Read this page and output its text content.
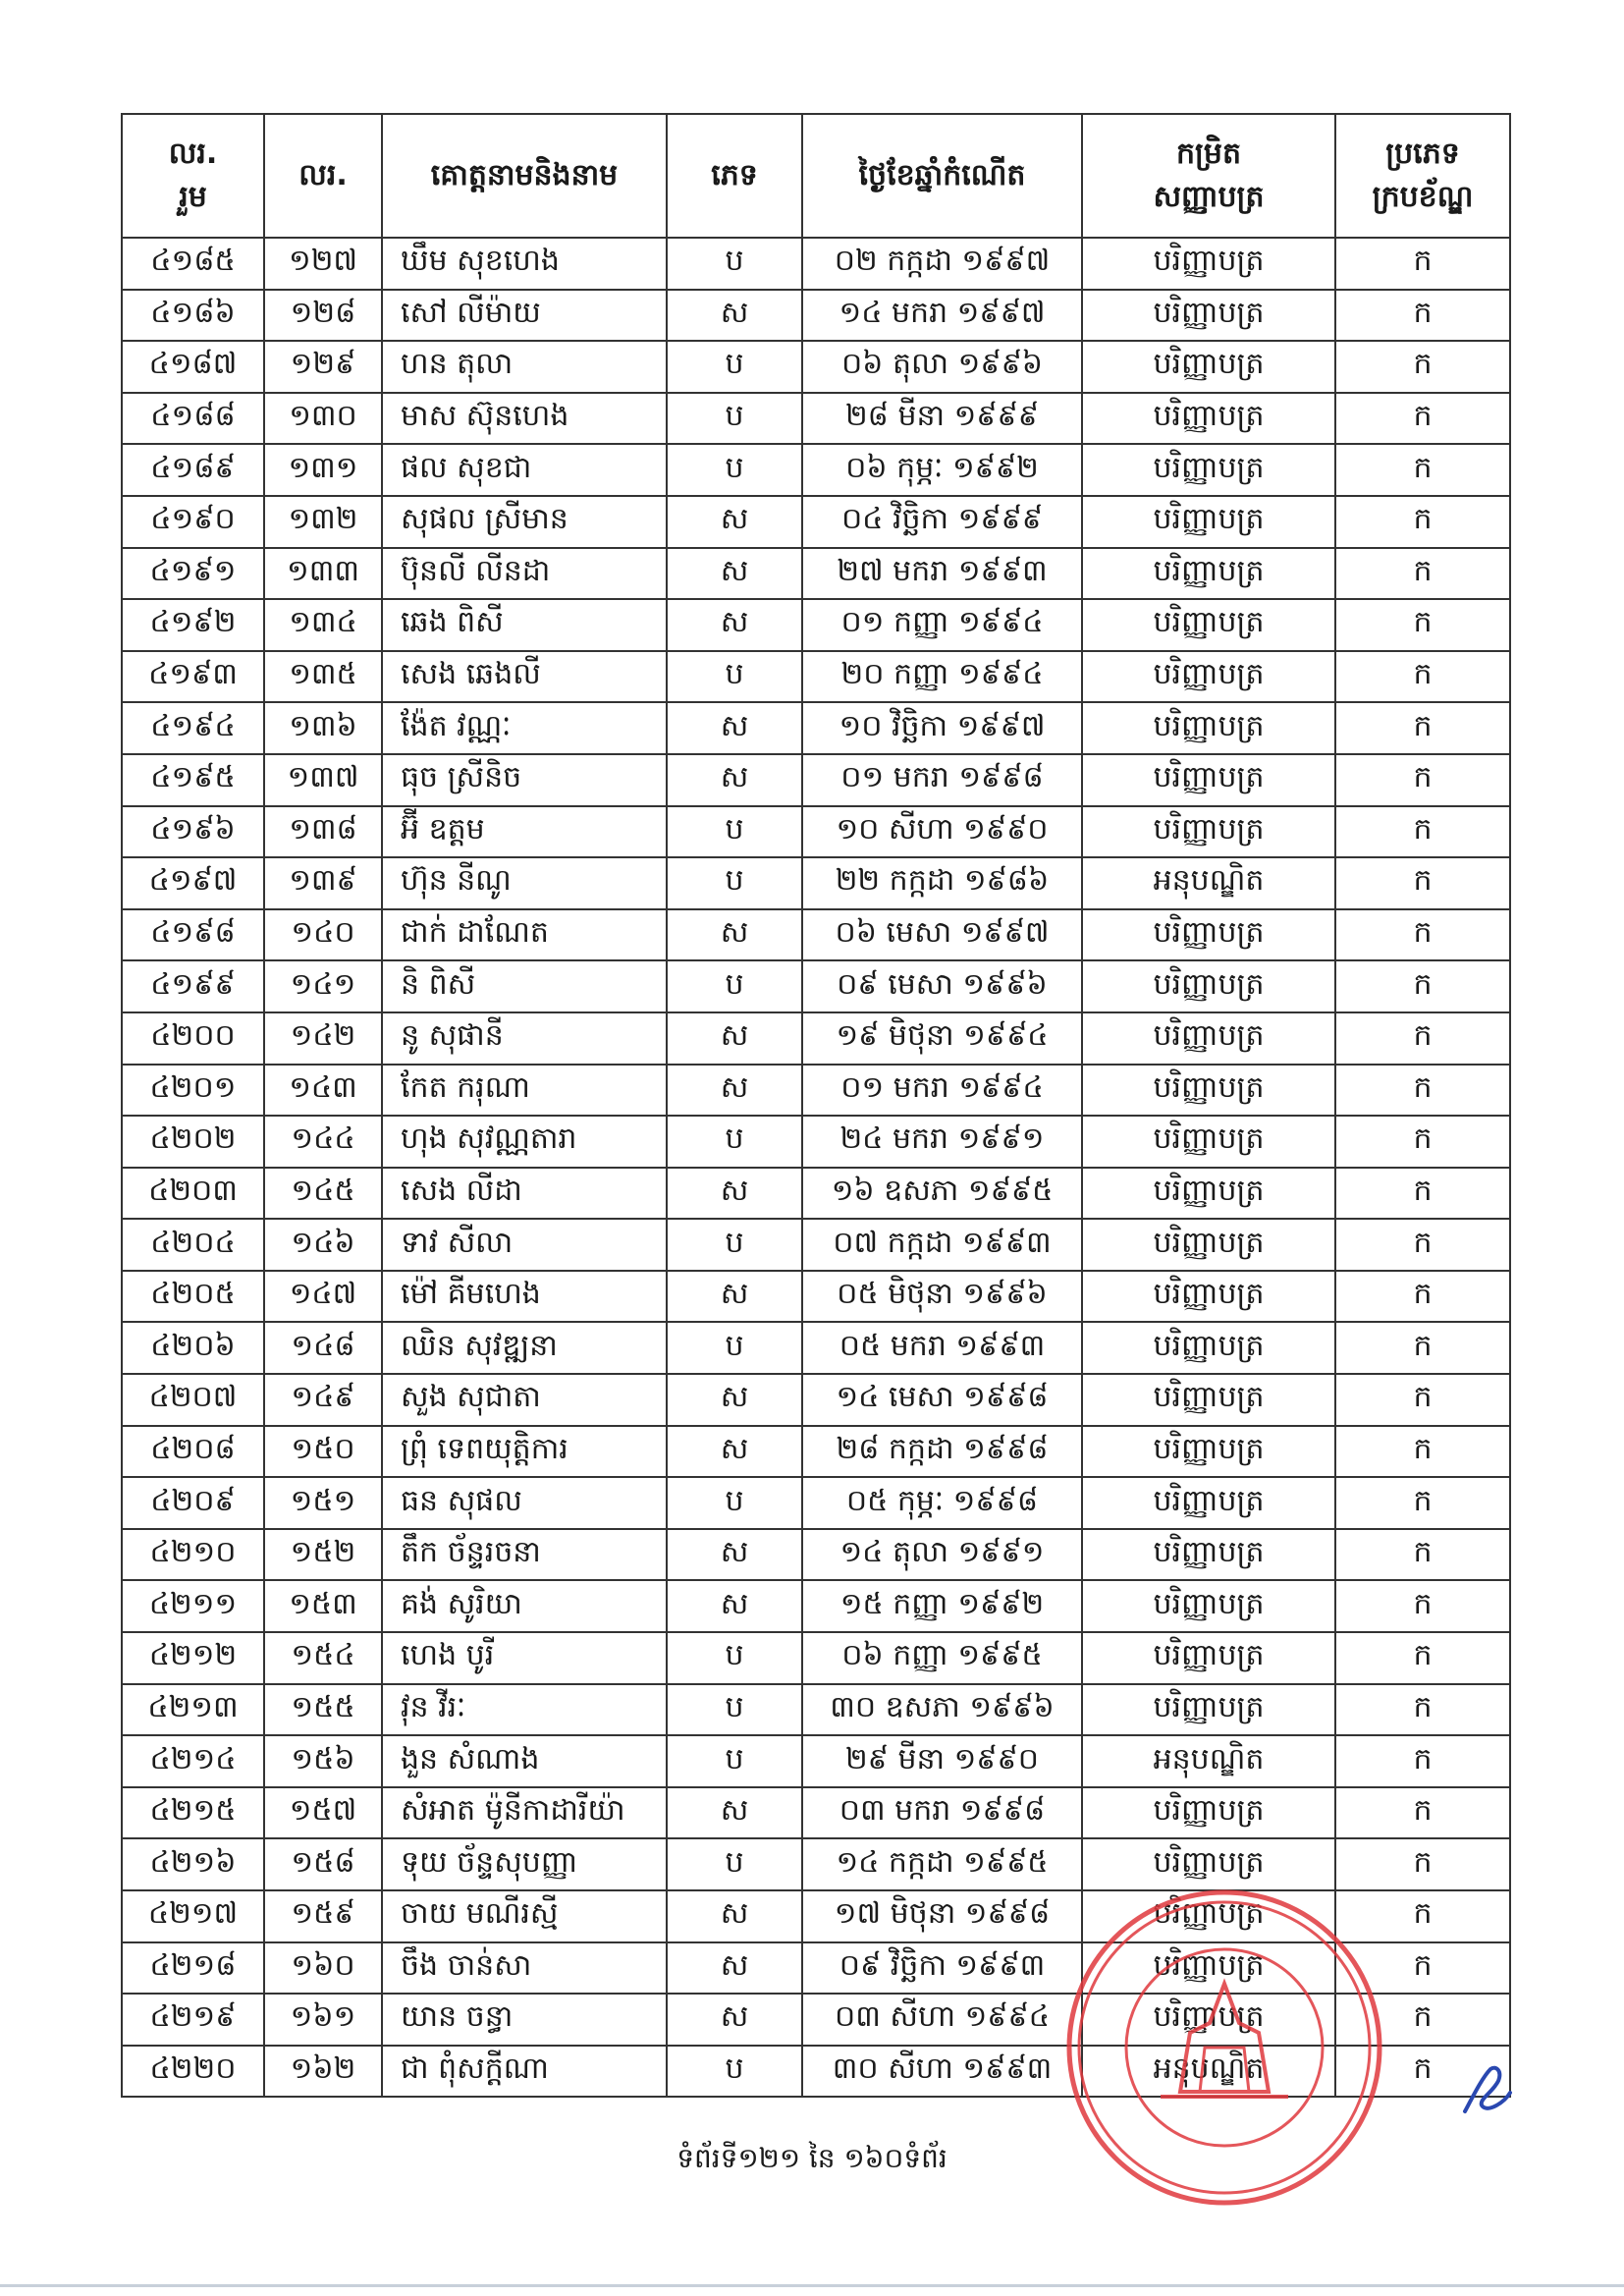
លរ.
រួម	លរ.	គោត្តនាមនិងនាម	ភេទ	ថ្ងៃខែឆ្នាំកំណើត	កម្រិត
សញ្ញាបត្រ	ប្រភេទ
ក្របខ័ណ្ឌ
៤១៨៥	១២៧	ឃឹម សុខហេង	ប	០២ កក្កដា ១៩៩៧	បរិញ្ញាបត្រ	ក
៤១៨៦	១២៨	សៅ លីម៉ាយ	ស	១៤ មករា ១៩៩៧	បរិញ្ញាបត្រ	ក
៤១៨៧	១២៩	ហន តុលា	ប	០៦ តុលា ១៩៩៦	បរិញ្ញាបត្រ	ក
៤១៨៨	១៣០	មាស ស៊ុនហេង	ប	២៨ មីនា ១៩៩៩	បរិញ្ញាបត្រ	ក
៤១៨៩	១៣១	ផល សុខជា	ប	០៦ កុម្ភៈ ១៩៩២	បរិញ្ញាបត្រ	ក
៤១៩០	១៣២	សុផល ស្រីមាន	ស	០៤ វិច្ឆិកា ១៩៩៩	បរិញ្ញាបត្រ	ក
៤១៩១	១៣៣	ប៊ុនលី លីនដា	ស	២៧ មករា ១៩៩៣	បរិញ្ញាបត្រ	ក
៤១៩២	១៣៤	ឆេង ពិសី	ស	០១ កញ្ញា ១៩៩៤	បរិញ្ញាបត្រ	ក
៤១៩៣	១៣៥	សេង ឆេងលី	ប	២០ កញ្ញា ១៩៩៤	បរិញ្ញាបត្រ	ក
៤១៩៤	១៣៦	ង៉ែត វណ្ណៈ	ស	១០ វិច្ឆិកា ១៩៩៧	បរិញ្ញាបត្រ	ក
៤១៩៥	១៣៧	ធុច ស្រីនិច	ស	០១ មករា ១៩៩៨	បរិញ្ញាបត្រ	ក
៤១៩៦	១៣៨	អ៊ី ឧត្តម	ប	១០ សីហា ១៩៩០	បរិញ្ញាបត្រ	ក
៤១៩៧	១៣៩	ហ៊ុន នីណូ	ប	២២ កក្កដា ១៩៨៦	អនុបណ្ឌិត	ក
៤១៩៨	១៤០	ជាក់ ដាណែត	ស	០៦ មេសា ១៩៩៧	បរិញ្ញាបត្រ	ក
៤១៩៩	១៤១	និ ពិសី	ប	០៩ មេសា ១៩៩៦	បរិញ្ញាបត្រ	ក
៤២០០	១៤២	នូ សុផានី	ស	១៩ មិថុនា ១៩៩៤	បរិញ្ញាបត្រ	ក
៤២០១	១៤៣	កែត ករុណា	ស	០១ មករា ១៩៩៤	បរិញ្ញាបត្រ	ក
៤២០២	១៤៤	ហុង សុវណ្ណតារា	ប	២៤ មករា ១៩៩១	បរិញ្ញាបត្រ	ក
៤២០៣	១៤៥	សេង លីដា	ស	១៦ ឧសភា ១៩៩៥	បរិញ្ញាបត្រ	ក
៤២០៤	១៤៦	ទាវ សីលា	ប	០៧ កក្កដា ១៩៩៣	បរិញ្ញាបត្រ	ក
៤២០៥	១៤៧	ម៉ៅ គីមហេង	ស	០៥ មិថុនា ១៩៩៦	បរិញ្ញាបត្រ	ក
៤២០៦	១៤៨	ឈិន សុវឌ្ឍនា	ប	០៥ មករា ១៩៩៣	បរិញ្ញាបត្រ	ក
៤២០៧	១៤៩	សួង សុជាតា	ស	១៤ មេសា ១៩៩៨	បរិញ្ញាបត្រ	ក
៤២០៨	១៥០	ព្រុំ ទេពយុត្តិការ	ស	២៨ កក្កដា ១៩៩៨	បរិញ្ញាបត្រ	ក
៤២០៩	១៥១	ធន សុផល	ប	០៥ កុម្ភៈ ១៩៩៨	បរិញ្ញាបត្រ	ក
៤២១០	១៥២	តឹក ច័ន្ទរចនា	ស	១៤ តុលា ១៩៩១	បរិញ្ញាបត្រ	ក
៤២១១	១៥៣	គង់ សូរិយា	ស	១៥ កញ្ញា ១៩៩២	បរិញ្ញាបត្រ	ក
៤២១២	១៥៤	ហេង បូរី	ប	០៦ កញ្ញា ១៩៩៥	បរិញ្ញាបត្រ	ក
៤២១៣	១៥៥	វុន វីរៈ	ប	៣០ ឧសភា ១៩៩៦	បរិញ្ញាបត្រ	ក
៤២១៤	១៥៦	ងួន សំណាង	ប	២៩ មីនា ១៩៩០	អនុបណ្ឌិត	ក
៤២១៥	១៥៧	សំអាត ម៉ូនីកាដារីយ៉ា	ស	០៣ មករា ១៩៩៨	បរិញ្ញាបត្រ	ក
៤២១៦	១៥៨	ទុយ ច័ន្ទសុបញ្ញា	ប	១៤ កក្កដា ១៩៩៥	បរិញ្ញាបត្រ	ក
៤២១៧	១៥៩	ចាយ មណីរស្មី	ស	១៧ មិថុនា ១៩៩៨	បរិញ្ញាបត្រ	ក
៤២១៨	១៦០	ចឹង ចាន់សា	ស	០៩ វិច្ឆិកា ១៩៩៣	បរិញ្ញាបត្រ	ក
៤២១៩	១៦១	យាន ចន្ធា	ស	០៣ សីហា ១៩៩៤	បរិញ្ញាបត្រ	ក
៤២២០	១៦២	ជា ពុំសក្ដីណា	ប	៣០ សីហា ១៩៩៣	អនុបណ្ឌិត	ក
ទំព័រទី១២១ នៃ ១៦០ទំព័រ
